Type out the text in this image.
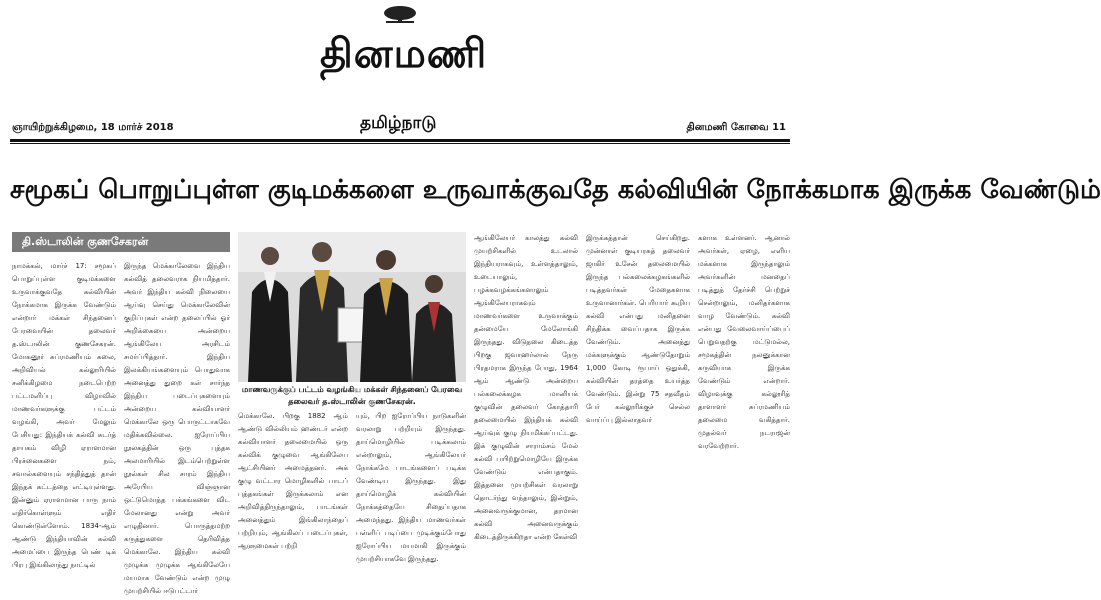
தினமணி
ஞாயிற்றுக்கிழமை, 18 மார்ச் 2018	தமிழ்நாடு	தினமணி கோவை 11
சமூகப் பொறுப்புள்ள குடிமக்களை உருவாக்குவதே கல்வியின் நோக்கமாக இருக்க வேண்டும்
தி.ஸ்டாலின் குணசேகரன்
நாமக்கல், மார்ச் 17: சமூகப் பொறுப்புள்ள குடிமக்களை உருவாக்குவதே கல்வியின் நோக்கமாக இருக்க வேண்டும் என்றார் மக்கள் சிந்தனைப் பேரவையின் தலைவர் த.ஸ்டாலின் குணசேகரன். மோகனூர் சுப்ரமணியம் கலை, அறிவியல் கல்லூரியில் சனிக்கிழமை நடைபெற்ற பட்டமளிப்பு விழாவில் மாணவர்களுக்கு பட்டம் வழங்கி, அவர் மேலும் பேசியது: இந்தியக் கல்வி சுடர்த் தாயகம் விழி ஏராளமான பிரச்னைகளை நம், சவால்களையும் சந்தித்துத் தான் இந்தக் கட்டத்தை எட்டியுள்ளது. இன்னும் ஏராளமான பாரு நாம் எதிர்கொள்ளும் எதிர் கொண்டுள்ளோம். 1834-ஆம் ஆண்டு இந்தியாவின் கல்வி அமைப்பை இருந்த பெண் டிக் பிரபு இங்கிலாந்து நாட்டில்
இருந்த மெக்காலேவை இந்திய கல்வித் தலைவராக நியமித்தார். அவர் இந்திய கல்வி நிலையை ஆய்வு செய்து மெக்காலேவின் குறிப்புகள் என்ற தலைப்பில் ஓர் அறிக்கையை அன்றைய ஆங்கிலேய அரசிடம் சமர்ப்பித்தார். இந்திய இலக்கியங்களையும் பொதுவாக அனைத்து துறை கள் சார்ந்த இந்திய படைப்புகளையும் அன்றைய கல்வியாளர் மெக்காலே ஒரு பொருட்டாகவே மதிக்கவில்லை. ஐரோப்பிய நூலகத்தின் ஒரு புத்தக அலமாரியில் இடம்பெற்றுள்ள நூல்கள் சில சாரம் இந்திய அரேபிய விஞ்ஞான ஒட்டுமொத்த பக்கங்களை விட மேலானது என்று அவர் எழுதினார். பொருத்தமற்ற கருத்துகளை தெரிவித்த மெக்காலே. இந்திய கல்வி முழுக்க முழுக்க ஆங்கிலேயே மயமாக வேண்டும் என்ற முழு முயற்சியில் ஈடுபட்டார்
மாணவருக்குப் பட்டம் வழங்கிய மக்கள் சிந்தனைப் பேரவை
தலைவர் த.ஸ்டாலின் குணசேகரன்.
மெக்காலே. பிறகு 1882 ஆம் ஆண்டு வில்லியம் ஹண்டர் என்ற கல்வியாளர் தலைமையில் ஒரு கல்விக் குழுவை ஆங்கிலேய ஆட்சியினர் அமைத்தனர். அக் குழு வட்டார மொழிகளில் பாடப் புத்தகங்கள் இருக்கலாம் என அறிவித்திருந்தாலும், பாடங்கள் அனைத்தும் இங்கிலாந்தைப் பற்றியும், ஆங்கிலப் படைப்புகள், ஆளுமைகள் பற்றி
யும், பிற ஐரோப்பிய நாடுகளின் வரலாறு பற்றியும் இருந்தது. தாய்மொழியில் படிக்கலாம் என்றாலும், ஆங்கிலேயர் நோக்கமே பாடங்களைப் படிக்க வேண்டிய இருந்தது. இது தாய்மொழிக் கல்வியின் நோக்கத்தையே சிதைப்பதாக அமைந்தது. இந்திய மாணவர்கள் பள்ளிப் படிப்பை முடிக்கும்போது ஐரோப்பிய மயமாகி இருக்கும் முயற்சியாகவே இருந்தது.
ஆங்கிலேயர் காலத்து கல்வி முயற்சிகளில் உடலால் இந்தியராகவும், உள்ளத்தாலும், உடையாலும், பழக்கவழக்கங்களாலும் ஆங்கிலேயராகவும் மாணவர்களை உருவாக்கும் தன்மையே மேலோங்கி இருந்தது. விடுதலை கிடைத்த பிறகு ஜவாஹர்லால் நேரு பிரதமராக இருந்த போது, 1964 ஆம் ஆண்டு அன்றைய பல்கலைக்கழக மானியக் குழுவின் தலைவர் கோத்தாரி தலைமையில் இந்தியக் கல்வி ஆய்வுக் குழு நியமிக்கப்பட்டது. இக் குழுவின் சாராம்சம் மேல் கல்வி பயிற்றுமொழியே இருக்க வேண்டும் என்பதாகும். இத்தனை முயற்சிகள் வரலாறு தொடர்ந்து வந்தாலும், இன்றும், அனைவருக்குமான, தரமான கல்வி அனைவருக்கும் கிடைத்திருக்கிறதா என்ற கேள்வி
இருக்கத்தான் செய்கிறது. முன்னாள் குடியரசுத் தலைவர் ஜாகிர் உசேன் தலைமையில் இருந்த பல்கலைக்கழகங்களில் படித்தவர்கள் மேதைகளாக உருவானார்கள். பெரியார் கூறிய கல்வி என்பது மனிதனை சிந்திக்க வைப்பதாக இருக்க வேண்டும். அனைத்து மக்களுக்கும் ஆண்டுதோறும் 1,000 கோடி ரூபாய் ஒதுக்கி, கல்வியின் தரத்தை உயர்த்த வேண்டும். இன்று 75 சதவீதம் பேர் கல்லூரிக்குச் செல்ல வாய்ப்பு இல்லாதவர்
களாக உள்ளனர். ஆனால் அவர்கள், ஏழை, எளிய மக்களாக இருந்தாலும் அவர்களின் மனதைப் படித்துத் தேர்ச்சி பெற்றுச் சென்றாலும், மனிதர்களாக வாழ வேண்டும். கல்வி என்பது வேலைவாய்ப்பைப் பெறுவதற்கு மட்டுமல்ல, சமூகத்தின் நலனுக்கான கருவியாக இருக்க வேண்டும் என்றார். விழாவுக்கு கல்லூரித் தாளாளர் சுப்ரமணியம் தலைமை வகித்தார். முதல்வர் நடராஜன் வரவேற்றார்.
